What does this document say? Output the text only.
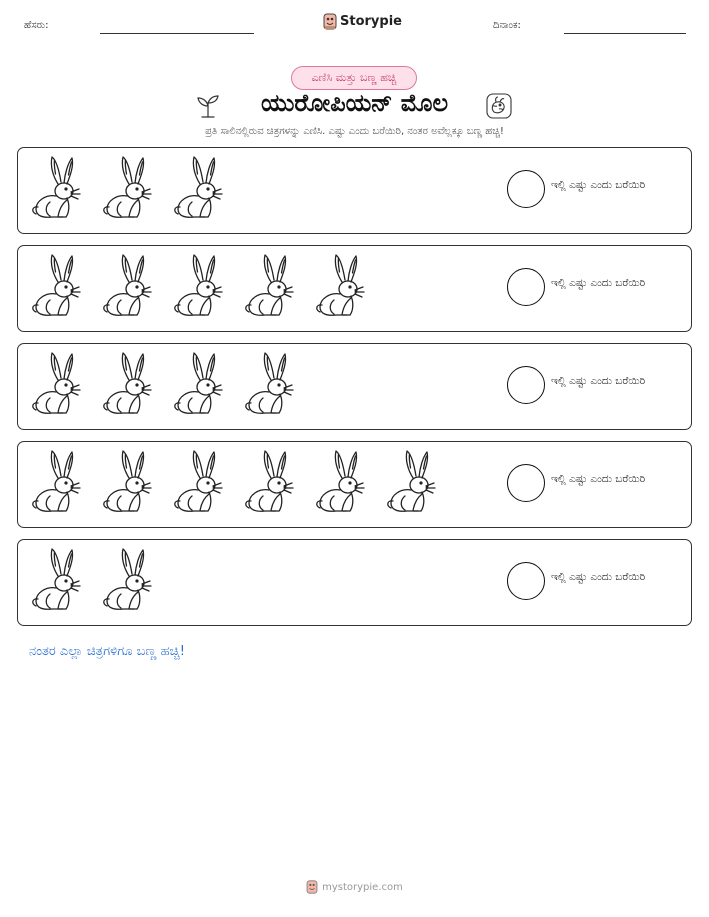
ಹೆಸರು:	Storypie	ದಿನಾಂಕ:
ಎಣಿಸಿ ಮತ್ತು ಬಣ್ಣ ಹಚ್ಚಿ
ಯುರೋಪಿಯನ್ ಮೊಲ
ಪ್ರತಿ ಸಾಲಿನಲ್ಲಿರುವ ಚಿತ್ರಗಳನ್ನು ಎಣಿಸಿ. ಎಷ್ಟು ಎಂದು ಬರೆಯಿರಿ, ನಂತರ ಅವೆಲ್ಲಕ್ಕೂ ಬಣ್ಣ ಹಚ್ಚಿ!
ಇಲ್ಲಿ ಎಷ್ಟು ಎಂದು ಬರೆಯಿರಿ
ಇಲ್ಲಿ ಎಷ್ಟು ಎಂದು ಬರೆಯಿರಿ
ಇಲ್ಲಿ ಎಷ್ಟು ಎಂದು ಬರೆಯಿರಿ
ಇಲ್ಲಿ ಎಷ್ಟು ಎಂದು ಬರೆಯಿರಿ
ಇಲ್ಲಿ ಎಷ್ಟು ಎಂದು ಬರೆಯಿರಿ
ನಂತರ ಎಲ್ಲಾ ಚಿತ್ರಗಳಿಗೂ ಬಣ್ಣ ಹಚ್ಚಿ!
mystorypie.com
